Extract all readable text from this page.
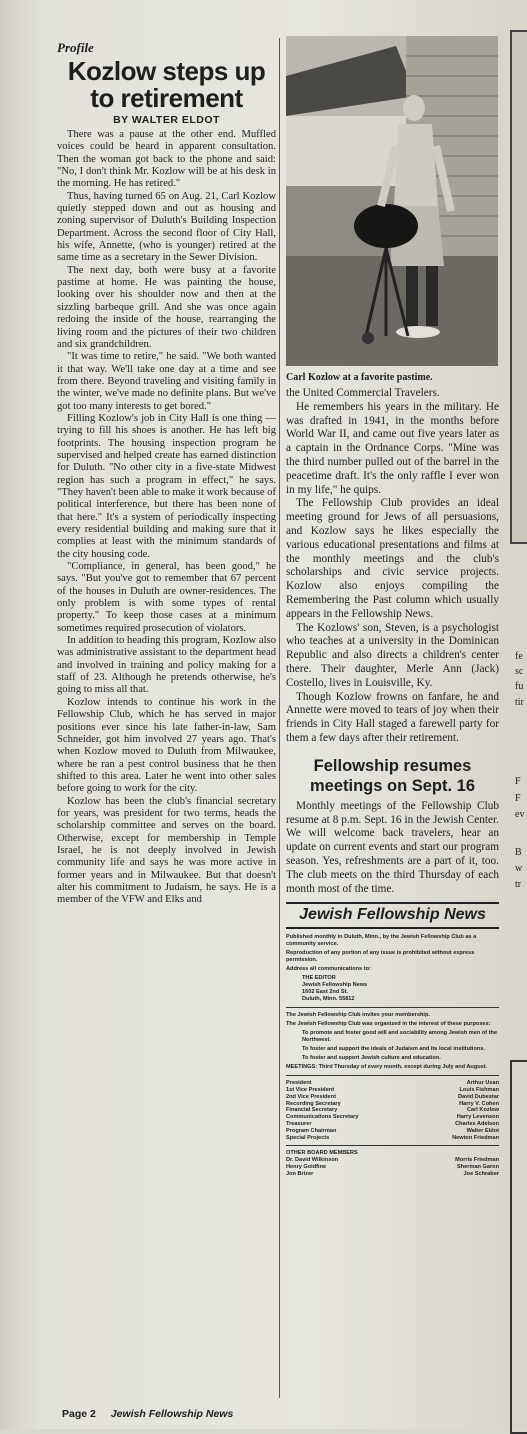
Profile
Kozlow steps up to retirement
BY WALTER ELDOT

There was a pause at the other end. Muffled voices could be heard in apparent consultation. Then the woman got back to the phone and said: "No, I don't think Mr. Kozlow will be at his desk in the morning. He has retired."

Thus, having turned 65 on Aug. 21, Carl Kozlow quietly stepped down and out as housing and zoning supervisor of Duluth's Building Inspection Department. Across the second floor of City Hall, his wife, Annette, (who is younger) retired at the same time as a secretary in the Sewer Division.

The next day, both were busy at a favorite pastime at home. He was painting the house, looking over his shoulder now and then at the sizzling barbeque grill. And she was once again redoing the inside of the house, rearranging the living room and the pictures of their two children and six grandchildren.

"It was time to retire," he said. "We both wanted it that way. We'll take one day at a time and see from there. Beyond traveling and visiting family in the winter, we've made no definite plans. But we've got too many interests to get bored."

Filling Kozlow's job in City Hall is one thing — trying to fill his shoes is another. He has left big footprints. The housing inspection program he supervised and helped create has earned distinction for Duluth. "No other city in a five-state Midwest region has such a program in effect," he says. "They haven't been able to make it work because of political interference, but there has been none of that here." It's a system of periodically inspecting every residential building and making sure that it complies at least with the minimum standards of the city housing code.

"Compliance, in general, has been good," he says. "But you've got to remember that 67 percent of the houses in Duluth are owner-residences. The only problem is with some types of rental property." To keep those cases at a minimum sometimes required prosecution of violators.

In addition to heading this program, Kozlow also was administrative assistant to the department head and involved in training and policy making for a staff of 23. Although he pretends otherwise, he's going to miss all that.

Kozlow intends to continue his work in the Fellowship Club, which he has served in major positions ever since his late father-in-law, Sam Schneider, got him involved 27 years ago. That's when Kozlow moved to Duluth from Milwaukee, where he ran a pest control business that he then shifted to this area. Later he went into other sales before going to work for the city.

Kozlow has been the club's financial secretary for years, was president for two terms, heads the scholarship committee and serves on the board. Otherwise, except for membership in Temple Israel, he is not deeply involved in Jewish community life and says he was more active in former years and in Milwaukee. But that doesn't alter his commitment to Judaism, he says. He is a member of the VFW and Elks and

Carl Kozlow at a favorite pastime.

the United Commercial Travelers.

He remembers his years in the military. He was drafted in 1941, in the months before World War II, and came out five years later as a captain in the Ordnance Corps. "Mine was the third number pulled out of the barrel in the peacetime draft. It's the only raffle I ever won in my life," he quips.

The Fellowship Club provides an ideal meeting ground for Jews of all persuasions, and Kozlow says he likes especially the various educational presentations and films at the monthly meetings and the club's scholarships and civic service projects. Kozlow also enjoys compiling the Remembering the Past column which usually appears in the Fellowship News.

The Kozlows' son, Steven, is a psychologist who teaches at a university in the Dominican Republic and also directs a children's center there. Their daughter, Merle Ann (Jack) Costello, lives in Louisville, Ky.

Though Kozlow frowns on fanfare, he and Annette were moved to tears of joy when their friends in City Hall staged a farewell party for them a few days after their retirement.

Fellowship resumes meetings on Sept. 16

Monthly meetings of the Fellowship Club resume at 8 p.m. Sept. 16 in the Jewish Center. We will welcome back travelers, hear an update on current events and start our program season. Yes, refreshments are a part of it, too. The club meets on the third Thursday of each month most of the time.

Jewish Fellowship News

Published monthly in Duluth, Minn., by the Jewish Fellowship Club as a community service.

Reproduction of any portion of any issue is prohibited without express permission.

Address all communications to:

THE EDITOR
Jewish Fellowship News
1602 East 2nd St.
Duluth, Minn. 55812

The Jewish Fellowship Club invites your membership.

The Jewish Fellowship Club was organized in the interest of these purposes:

To promote and foster good will and sociability among Jewish men of the Northwest.

To foster and support the ideals of Judaism and its local institutions.

To foster and support Jewish culture and education.

MEETINGS: Third Thursday of every month, except during July and August.

President	Arthur Usan
1st Vice President	Louis Fishman
2nd Vice President	David Dubestar
Recording Secretary	Harry V. Cohen
Financial Secretary	Carl Kozlow
Communications Secretary	Harry Levenson
Treasurer	Charles Adelson
Program Chairman	Walter Eldot
Special Projects	Newton Friedman
OTHER BOARD MEMBERS
Dr. David Wilkinson	Morris Friedman
Henry Goldfine	Sherman Garon
Jon Brizer	Joe Schraber
fe
sc
fu
tir
F
F
ev
B
w
tr
Page 2 Jewish Fellowship News
